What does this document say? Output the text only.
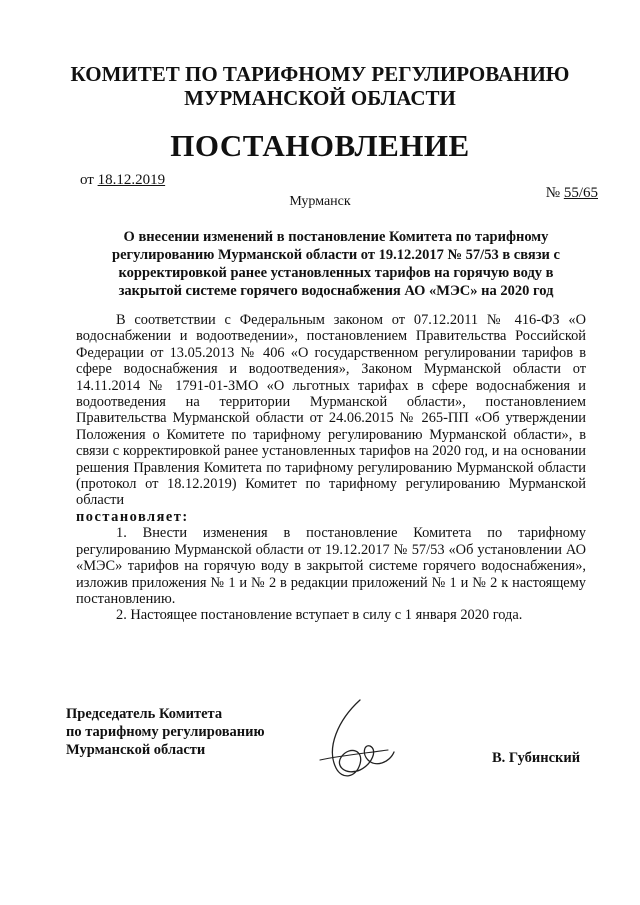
КОМИТЕТ ПО ТАРИФНОМУ РЕГУЛИРОВАНИЮ
МУРМАНСКОЙ ОБЛАСТИ
ПОСТАНОВЛЕНИЕ
от 18.12.2019
Мурманск
№ 55/65
О внесении изменений в постановление Комитета по тарифному регулированию Мурманской области от 19.12.2017 № 57/53 в связи с корректировкой ранее установленных тарифов на горячую воду в закрытой системе горячего водоснабжения АО «МЭС» на 2020 год

В соответствии с Федеральным законом от 07.12.2011 № 416-ФЗ «О водоснабжении и водоотведении», постановлением Правительства Российской Федерации от 13.05.2013 № 406 «О государственном регулировании тарифов в сфере водоснабжения и водоотведения», Законом Мурманской области от 14.11.2014 № 1791-01-ЗМО «О льготных тарифах в сфере водоснабжения и водоотведения на территории Мурманской области», постановлением Правительства Мурманской области от 24.06.2015 № 265-ПП «Об утверждении Положения о Комитете по тарифному регулированию Мурманской области», в связи с корректировкой ранее установленных тарифов на 2020 год, и на основании решения Правления Комитета по тарифному регулированию Мурманской области (протокол от 18.12.2019) Комитет по тарифному регулированию Мурманской области

постановляет:

1. Внести изменения в постановление Комитета по тарифному регулированию Мурманской области от 19.12.2017 № 57/53 «Об установлении АО «МЭС» тарифов на горячую воду в закрытой системе горячего водоснабжения», изложив приложения № 1 и № 2 в редакции приложений № 1 и № 2 к настоящему постановлению.

2. Настоящее постановление вступает в силу с 1 января 2020 года.

Председатель Комитета
по тарифному регулированию
Мурманской области	В. Губинский
